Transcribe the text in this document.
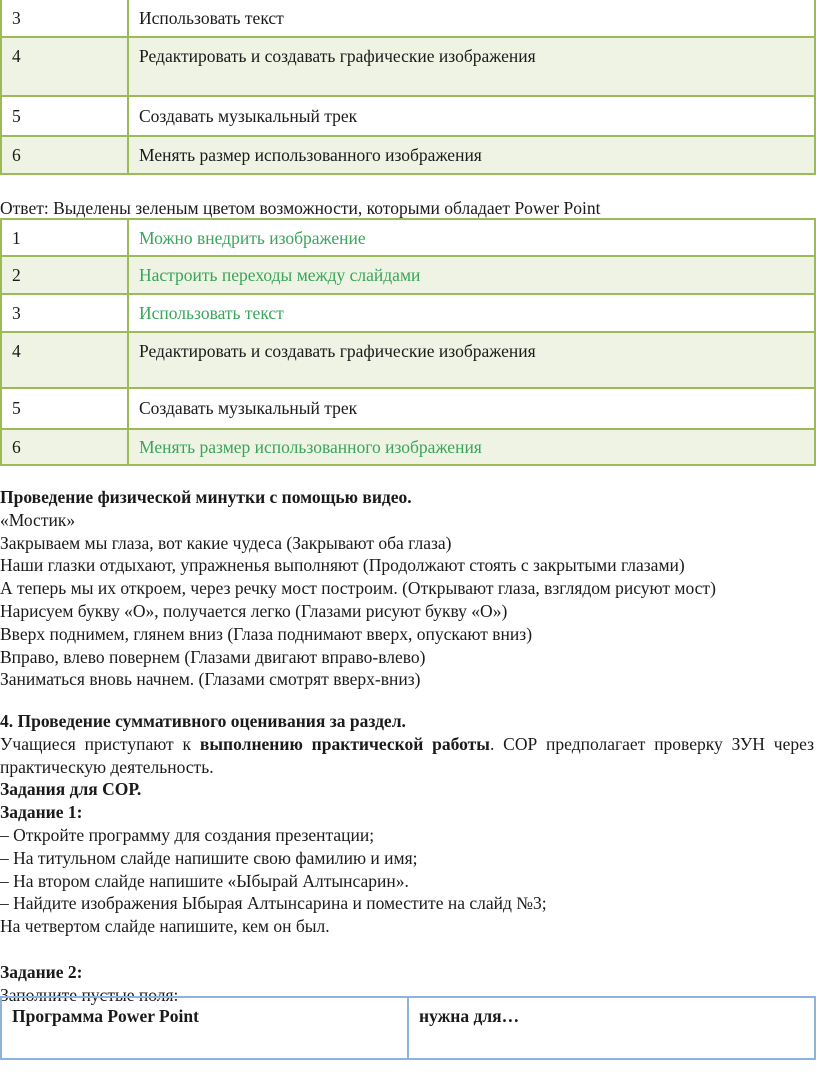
3	Использовать текст
4	Редактировать и создавать графические изображения
5	Создавать музыкальный трек
6	Менять размер использованного изображения
Ответ: Выделены зеленым цветом возможности, которыми обладает Power Point
1	Можно внедрить изображение
2	Настроить переходы между слайдами
3	Использовать текст
4	Редактировать и создавать графические изображения
5	Создавать музыкальный трек
6	Менять размер использованного изображения
Проведение физической минутки с помощью видео.
«Мостик»
Закрываем мы глаза, вот какие чудеса (Закрывают оба глаза)
Наши глазки отдыхают, упражненья выполняют (Продолжают стоять с закрытыми глазами)
А теперь мы их откроем, через речку мост построим. (Открывают глаза, взглядом рисуют мост)
Нарисуем букву «О», получается легко (Глазами рисуют букву «О»)
Вверх поднимем, глянем вниз (Глаза поднимают вверх, опускают вниз)
Вправо, влево повернем (Глазами двигают вправо-влево)
Заниматься вновь начнем. (Глазами смотрят вверх-вниз)
4. Проведение суммативного оценивания за раздел.
Учащиеся приступают к выполнению практической работы. СОР предполагает проверку ЗУН через практическую деятельность.
Задания для СОР.
Задание 1:
– Откройте программу для создания презентации;
– На титульном слайде напишите свою фамилию и имя;
– На втором слайде напишите «Ыбырай Алтынсарин».
– Найдите изображения Ыбырая Алтынсарина и поместите на слайд №3;
На четвертом слайде напишите, кем он был.
Задание 2:
Заполните пустые поля:
Программа Power Point	нужна для…
